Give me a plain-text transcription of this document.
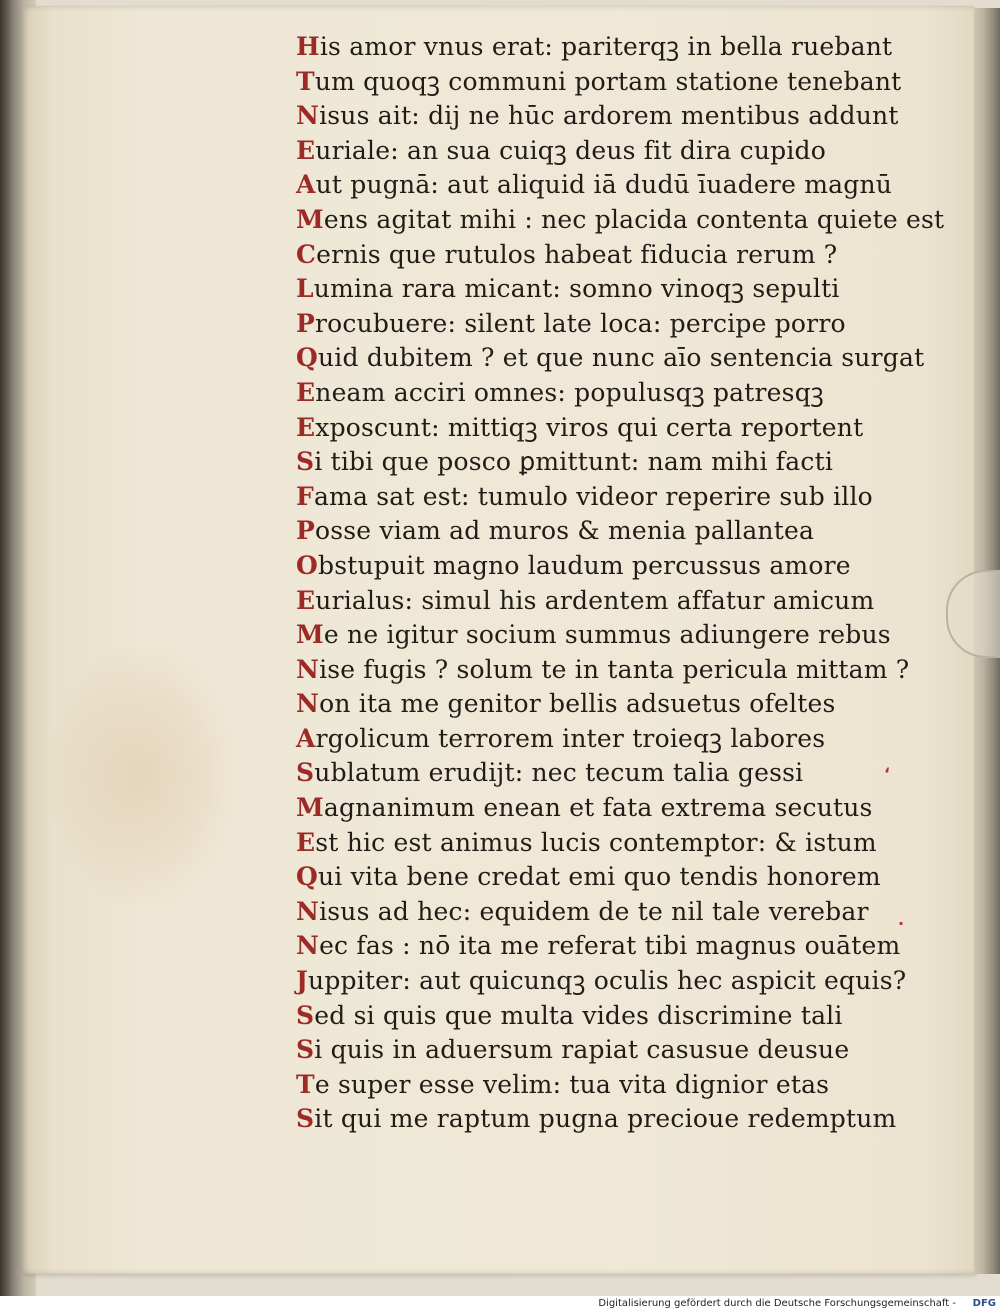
His amor vnus erat: pariterqꝫ in bella ruebant
Tum quoqꝫ communi portam statione tenebant
Nisus ait: dij ne hūc ardorem mentibus addunt
Euriale: an sua cuiqꝫ deus fit dira cupido
Aut pugnā: aut aliquid iā dudū īuadere magnū
Mens agitat mihi : nec placida contenta quiete est
Cernis que rutulos habeat fiducia rerum ?
Lumina rara micant: somno vinoqꝫ sepulti
Procubuere: silent late loca: percipe porro
Quid dubitem ? et que nunc aīo sentencia surgat
Eneam acciri omnes: populusqꝫ patresqꝫ
Exposcunt: mittiqꝫ viros qui certa reportent
Si tibi que posco ꝑmittunt: nam mihi facti
Fama sat est: tumulo videor reperire sub illo
Posse viam ad muros & menia pallantea
Obstupuit magno laudum percussus amore
Eurialus: simul his ardentem affatur amicum
Me ne igitur socium summus adiungere rebus
Nise fugis ? solum te in tanta pericula mittam ?
Non ita me genitor bellis adsuetus ofeltes
Argolicum terrorem inter troieqꝫ labores
Sublatum erudijt: nec tecum talia gessi
Magnanimum enean et fata extrema secutus
Est hic est animus lucis contemptor: & istum
Qui vita bene credat emi quo tendis honorem
Nisus ad hec: equidem de te nil tale verebar
Nec fas : nō ita me referat tibi magnus ouātem
Juppiter: aut quicunqꝫ oculis hec aspicit equis?
Sed si quis que multa vides discrimine tali
Si quis in aduersum rapiat casusue deusue
Te super esse velim: tua vita dignior etas
Sit qui me raptum pugna precioue redemptum
ʻ
·
Digitalisierung gefördert durch die Deutsche Forschungsgemeinschaft - DFG
